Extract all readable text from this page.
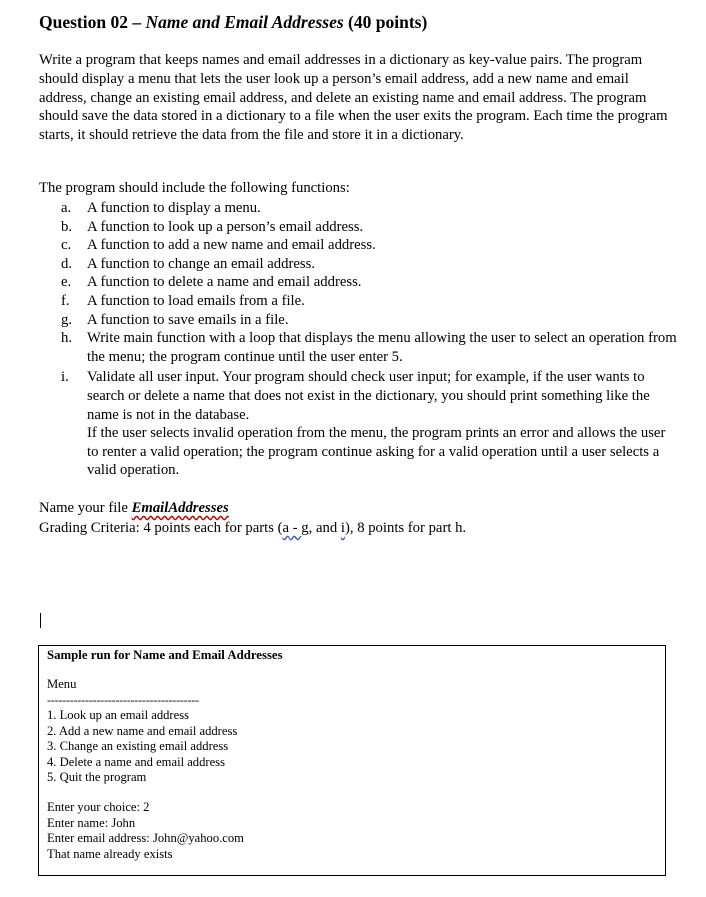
Question 02 – Name and Email Addresses (40 points)

Write a program that keeps names and email addresses in a dictionary as key-value pairs. The program should display a menu that lets the user look up a person’s email address, add a new name and email address, change an existing email address, and delete an existing name and email address. The program should save the data stored in a dictionary to a file when the user exits the program. Each time the program starts, it should retrieve the data from the file and store it in a dictionary.

The program should include the following functions:

a. A function to display a menu.
b. A function to look up a person’s email address.
c. A function to add a new name and email address.
d. A function to change an email address.
e. A function to delete a name and email address.
f. A function to load emails from a file.
g. A function to save emails in a file.
h. Write main function with a loop that displays the menu allowing the user to select an operation from the menu; the program continue until the user enter 5.
i. Validate all user input. Your program should check user input; for example, if the user wants to search or delete a name that does not exist in the dictionary, you should print something like the name is not in the database.
If the user selects invalid operation from the menu, the program prints an error and allows the user to renter a valid operation; the program continue asking for a valid operation until a user selects a valid operation.
Name your file EmailAddresses
Grading Criteria: 4 points each for parts (a - g, and i), 8 points for part h.
Sample run for Name and Email Addresses
Menu
----------------------------------------
1. Look up an email address
2. Add a new name and email address
3. Change an existing email address
4. Delete a name and email address
5. Quit the program
Enter your choice: 2
Enter name: John
Enter email address: John@yahoo.com
That name already exists
